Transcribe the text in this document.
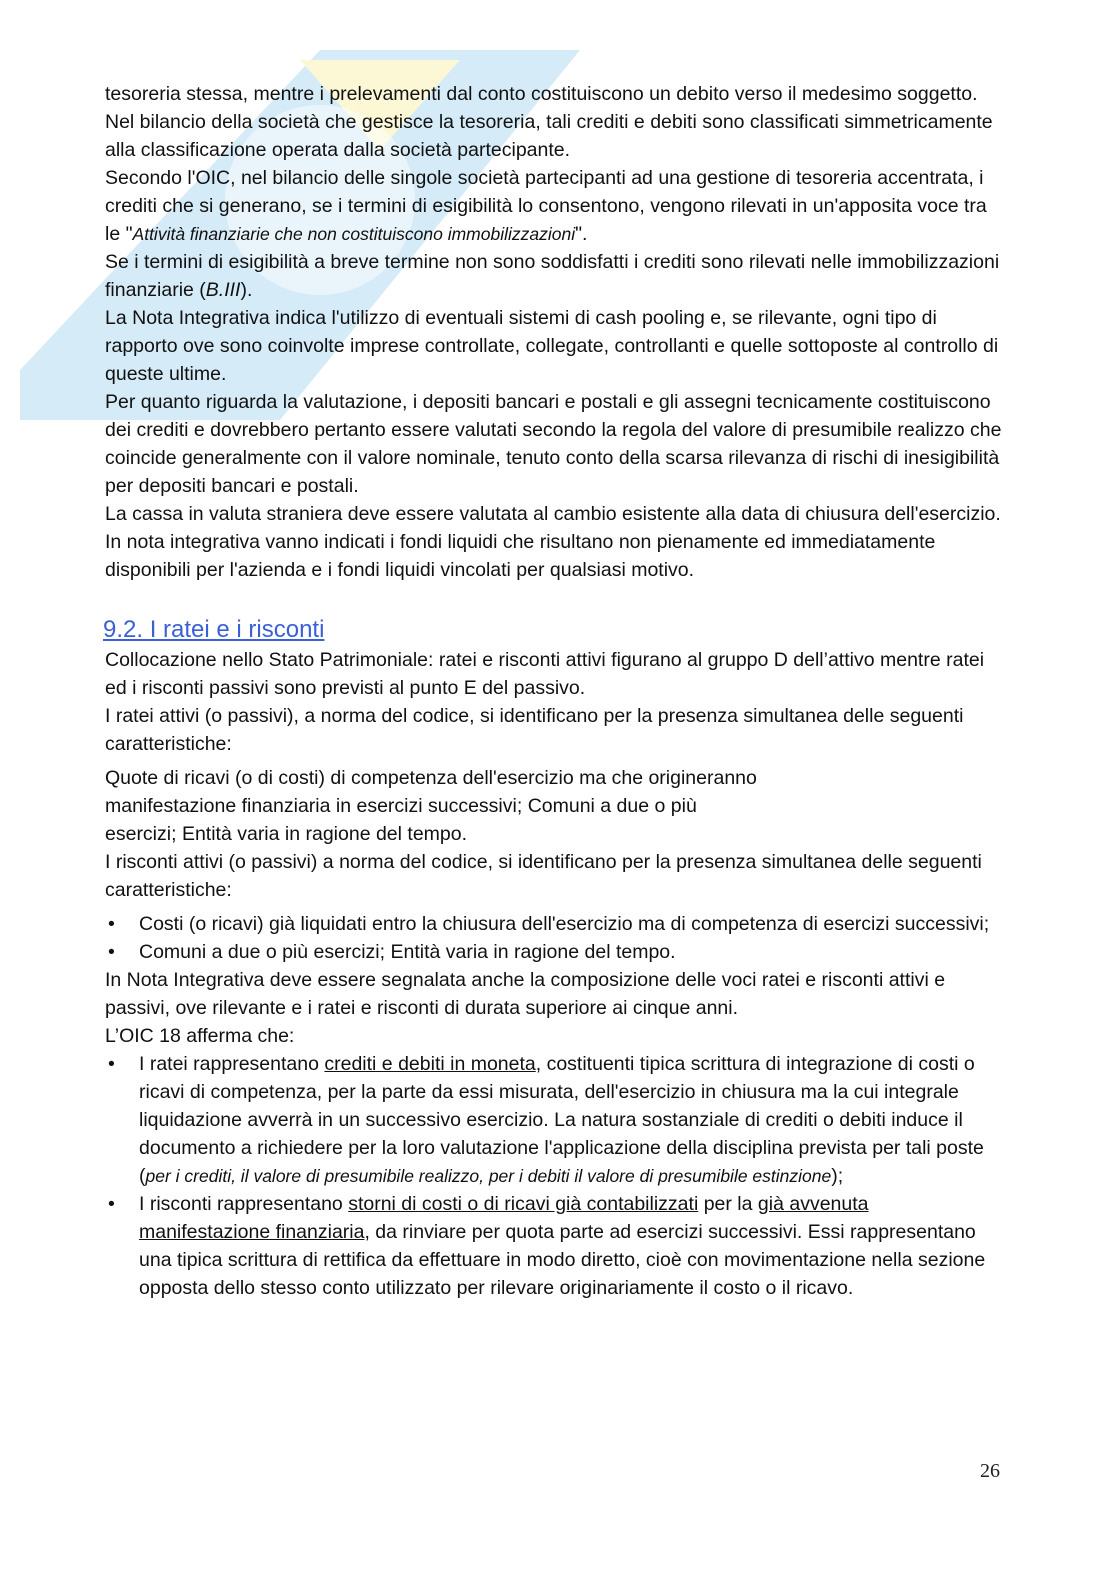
tesoreria stessa, mentre i prelevamenti dal conto costituiscono un debito verso il medesimo soggetto. Nel bilancio della società che gestisce la tesoreria, tali crediti e debiti sono classificati simmetricamente alla classificazione operata dalla società partecipante.

Secondo l'OIC, nel bilancio delle singole società partecipanti ad una gestione di tesoreria accentrata, i crediti che si generano, se i termini di esigibilità lo consentono, vengono rilevati in un'apposita voce tra le "Attività finanziarie che non costituiscono immobilizzazioni".

Se i termini di esigibilità a breve termine non sono soddisfatti i crediti sono rilevati nelle immobilizzazioni finanziarie (B.III).

La Nota Integrativa indica l'utilizzo di eventuali sistemi di cash pooling e, se rilevante, ogni tipo di rapporto ove sono coinvolte imprese controllate, collegate, controllanti e quelle sottoposte al controllo di queste ultime.

Per quanto riguarda la valutazione, i depositi bancari e postali e gli assegni tecnicamente costituiscono dei crediti e dovrebbero pertanto essere valutati secondo la regola del valore di presumibile realizzo che coincide generalmente con il valore nominale, tenuto conto della scarsa rilevanza di rischi di inesigibilità per depositi bancari e postali.

La cassa in valuta straniera deve essere valutata al cambio esistente alla data di chiusura dell'esercizio.

In nota integrativa vanno indicati i fondi liquidi che risultano non pienamente ed immediatamente disponibili per l'azienda e i fondi liquidi vincolati per qualsiasi motivo.

9.2. I ratei e i risconti

Collocazione nello Stato Patrimoniale: ratei e risconti attivi figurano al gruppo D dell’attivo mentre ratei ed i risconti passivi sono previsti al punto E del passivo.

I ratei attivi (o passivi), a norma del codice, si identificano per la presenza simultanea delle seguenti caratteristiche:

Quote di ricavi (o di costi) di competenza dell'esercizio ma che origineranno

manifestazione finanziaria in esercizi successivi; Comuni a due o più

esercizi; Entità varia in ragione del tempo.

I risconti attivi (o passivi) a norma del codice, si identificano per la presenza simultanea delle seguenti caratteristiche:

• Costi (o ricavi) già liquidati entro la chiusura dell'esercizio ma di competenza di esercizi successivi;
• Comuni a due o più esercizi; Entità varia in ragione del tempo.

In Nota Integrativa deve essere segnalata anche la composizione delle voci ratei e risconti attivi e passivi, ove rilevante e i ratei e risconti di durata superiore ai cinque anni.

L’OIC 18 afferma che:

• I ratei rappresentano crediti e debiti in moneta, costituenti tipica scrittura di integrazione di costi o ricavi di competenza, per la parte da essi misurata, dell'esercizio in chiusura ma la cui integrale liquidazione avverrà in un successivo esercizio. La natura sostanziale di crediti o debiti induce il documento a richiedere per la loro valutazione l'applicazione della disciplina prevista per tali poste (per i crediti, il valore di presumibile realizzo, per i debiti il valore di presumibile estinzione);
• I risconti rappresentano storni di costi o di ricavi già contabilizzati per la già avvenuta manifestazione finanziaria, da rinviare per quota parte ad esercizi successivi. Essi rappresentano una tipica scrittura di rettifica da effettuare in modo diretto, cioè con movimentazione nella sezione opposta dello stesso conto utilizzato per rilevare originariamente il costo o il ricavo.
26
